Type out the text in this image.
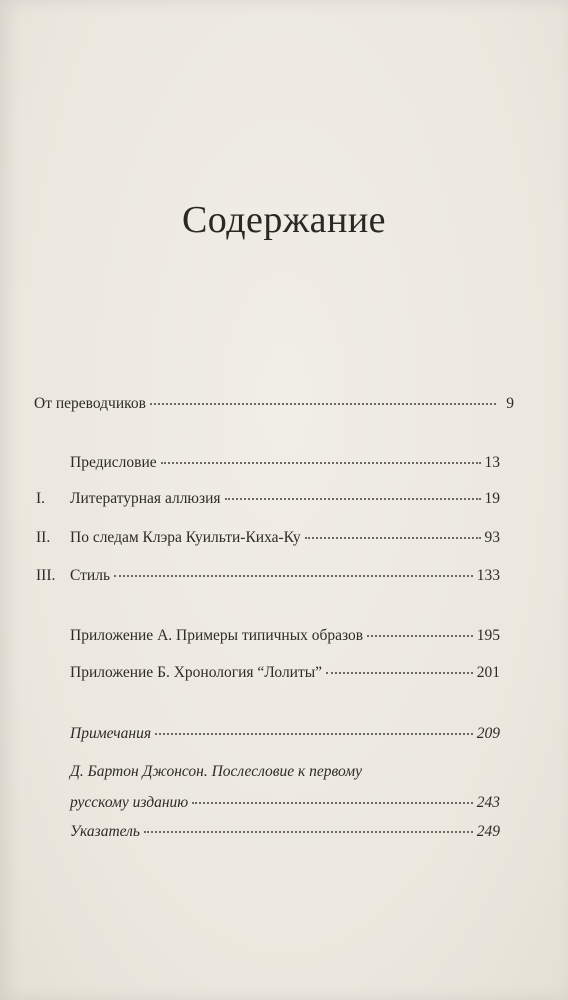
Содержание
От переводчиков	9
Предисловие	13
I.	Литературная аллюзия	19
II.	По следам Клэра Куильти-Киха-Ку	93
III. Стиль	133
Приложение А. Примеры типичных образов	195
Приложение Б. Хронология “Лолиты”	201
Примечания	209
Д. Бартон Джонсон. Послесловие к первому
русскому изданию	243
Указатель	249
